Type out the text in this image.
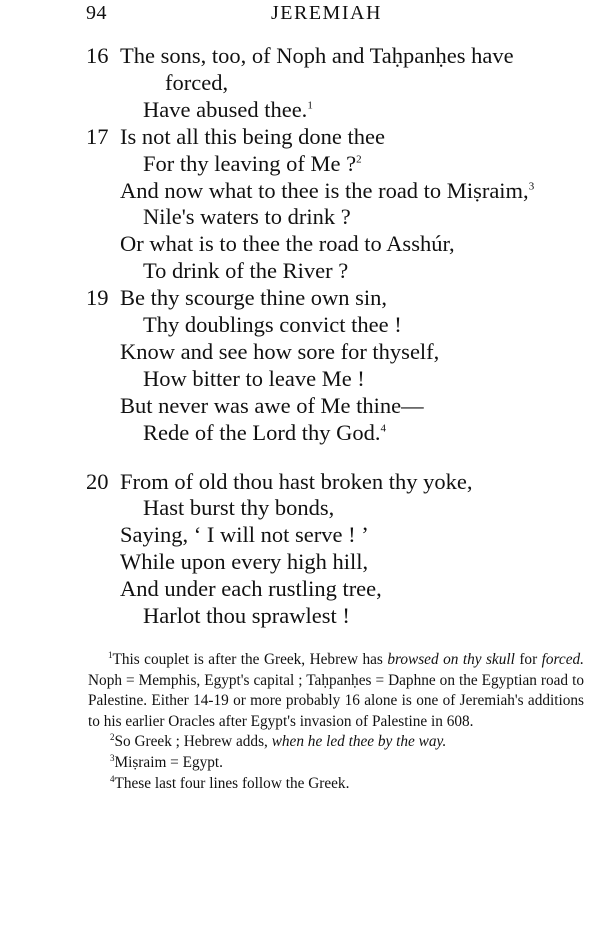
94	JEREMIAH
16 The sons, too, of Noph and Taḥpanḥes have
forced,
Have abused thee.$^1$
17 Is not all this being done thee
For thy leaving of Me ?$^2$
And now what to thee is the road to Miṣraim,$^3$
Nile's waters to drink ?
Or what is to thee the road to Asshúr,
To drink of the River ?
19 Be thy scourge thine own sin,
Thy doublings convict thee !
Know and see how sore for thyself,
How bitter to leave Me !
But never was awe of Me thine—
Rede of the Lord thy God.$^4$
20 From of old thou hast broken thy yoke,
Hast burst thy bonds,
Saying, ‘ I will not serve ! ’
While upon every high hill,
And under each rustling tree,
Harlot thou sprawlest !

$^1$This couplet is after the Greek, Hebrew has browsed on thy skull for forced. Noph = Memphis, Egypt's capital ; Taḥpanḥes = Daphne on the Egyptian road to Palestine. Either 14-19 or more probably 16 alone is one of Jeremiah's additions to his earlier Oracles after Egypt's invasion of Palestine in 608.

$^2$So Greek ; Hebrew adds, when he led thee by the way.

$^3$Miṣraim = Egypt.

$^4$These last four lines follow the Greek.
